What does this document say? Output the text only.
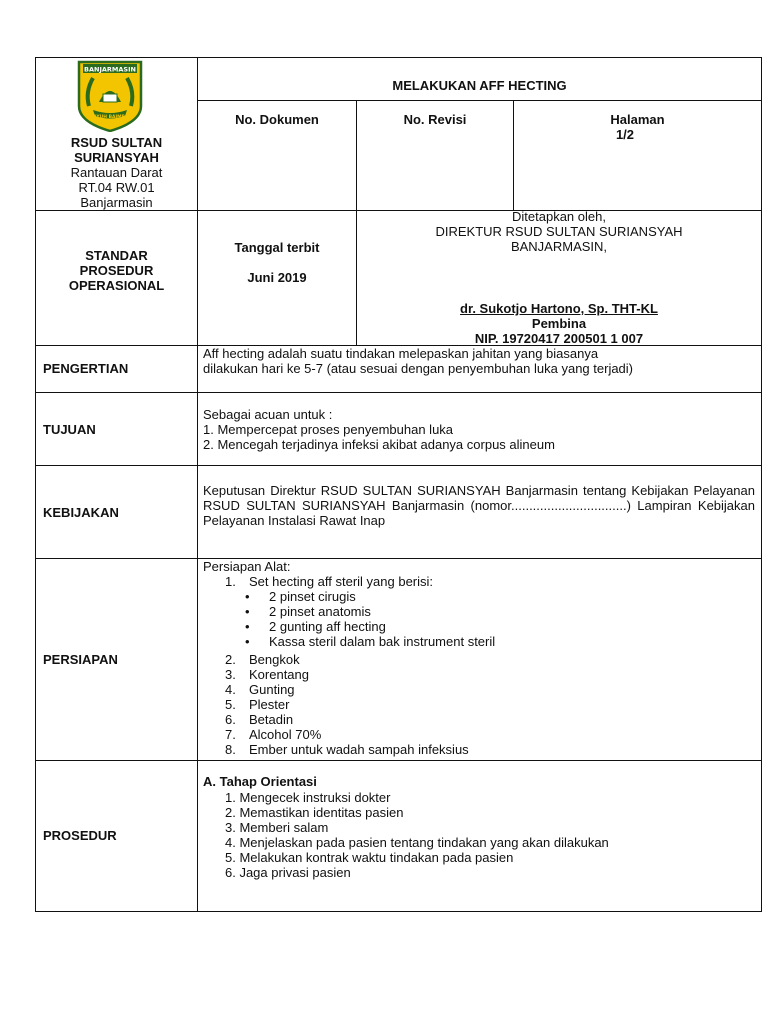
BANJARMASIN
KAYUH BAIMBAI
RSUD SULTAN
SURIANSYAH
Rantauan Darat
RT.04 RW.01
Banjarmasin
MELAKUKAN AFF HECTING
No. Dokumen	No. Revisi	Halaman
1/2
STANDAR
PROSEDUR
OPERASIONAL
Tanggal terbit
Juni 2019
Ditetapkan oleh,
DIREKTUR RSUD SULTAN SURIANSYAH
BANJARMASIN,
dr. Sukotjo Hartono, Sp. THT-KL
Pembina
NIP. 19720417 200501 1 007
PENGERTIAN
Aff hecting adalah suatu tindakan melepaskan jahitan yang biasanya
dilakukan hari ke 5-7 (atau sesuai dengan penyembuhan luka yang terjadi)
TUJUAN
Sebagai acuan untuk :
1. Mempercepat proses penyembuhan luka
2. Mencegah terjadinya infeksi akibat adanya corpus alineum
KEBIJAKAN
Keputusan Direktur RSUD SULTAN SURIANSYAH Banjarmasin tentang Kebijakan Pelayanan RSUD SULTAN SURIANSYAH Banjarmasin (nomor................................) Lampiran Kebijakan Pelayanan Instalasi Rawat Inap
PERSIAPAN
Persiapan Alat:
1. Set hecting aff steril yang berisi:
• 2 pinset cirugis
• 2 pinset anatomis
• 2 gunting aff hecting
• Kassa steril dalam bak instrument steril
2. Bengkok
3. Korentang
4. Gunting
5. Plester
6. Betadin
7. Alcohol 70%
8. Ember untuk wadah sampah infeksius
PROSEDUR
A. Tahap Orientasi
1. Mengecek instruksi dokter
2. Memastikan identitas pasien
3. Memberi salam
4. Menjelaskan pada pasien tentang tindakan yang akan dilakukan
5. Melakukan kontrak waktu tindakan pada pasien
6. Jaga privasi pasien
